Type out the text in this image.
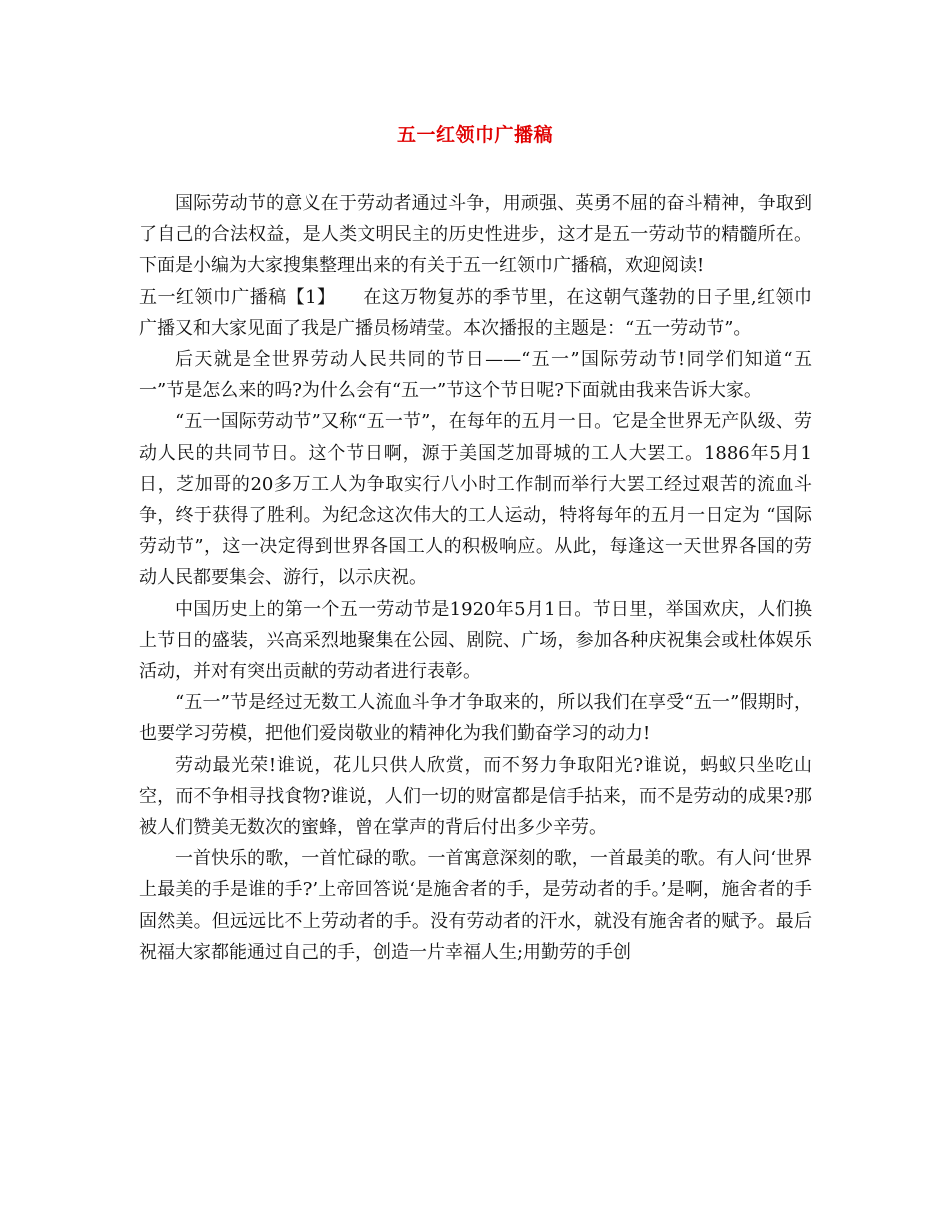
五一红领巾广播稿

国际劳动节的意义在于劳动者通过斗争，用顽强、英勇不屈的奋斗精神，争取到了自己的合法权益，是人类文明民主的历史性进步，这才是五一劳动节的精髓所在。下面是小编为大家搜集整理出来的有关于五一红领巾广播稿，欢迎阅读!

五一红领巾广播稿【1】　　在这万物复苏的季节里，在这朝气蓬勃的日子里,红领巾广播又和大家见面了我是广播员杨靖莹。本次播报的主题是：“五一劳动节”。

后天就是全世界劳动人民共同的节日——“五一”国际劳动节!同学们知道“五一”节是怎么来的吗?为什么会有“五一”节这个节日呢?下面就由我来告诉大家。

“五一国际劳动节”又称“五一节”，在每年的五月一日。它是全世界无产队级、劳动人民的共同节日。这个节日啊，源于美国芝加哥城的工人大罢工。1886年5月1日，芝加哥的20多万工人为争取实行八小时工作制而举行大罢工经过艰苦的流血斗争，终于获得了胜利。为纪念这次伟大的工人运动，特将每年的五月一日定为 “国际劳动节”，这一决定得到世界各国工人的积极响应。从此，每逢这一天世界各国的劳动人民都要集会、游行，以示庆祝。

中国历史上的第一个五一劳动节是1920年5月1日。节日里，举国欢庆，人们换上节日的盛装，兴高采烈地聚集在公园、剧院、广场，参加各种庆祝集会或杜体娱乐活动，并对有突出贡献的劳动者进行表彰。

“五一”节是经过无数工人流血斗争才争取来的，所以我们在享受“五一”假期时，也要学习劳模，把他们爱岗敬业的精神化为我们勤奋学习的动力!

劳动最光荣!谁说，花儿只供人欣赏，而不努力争取阳光?谁说，蚂蚁只坐吃山空，而不争相寻找食物?谁说，人们一切的财富都是信手拈来，而不是劳动的成果?那被人们赞美无数次的蜜蜂，曾在掌声的背后付出多少辛劳。

一首快乐的歌，一首忙碌的歌。一首寓意深刻的歌，一首最美的歌。有人问‘世界上最美的手是谁的手?’上帝回答说‘是施舍者的手，是劳动者的手。’是啊，施舍者的手固然美。但远远比不上劳动者的手。没有劳动者的汗水，就没有施舍者的赋予。最后祝福大家都能通过自己的手，创造一片幸福人生;用勤劳的手创
